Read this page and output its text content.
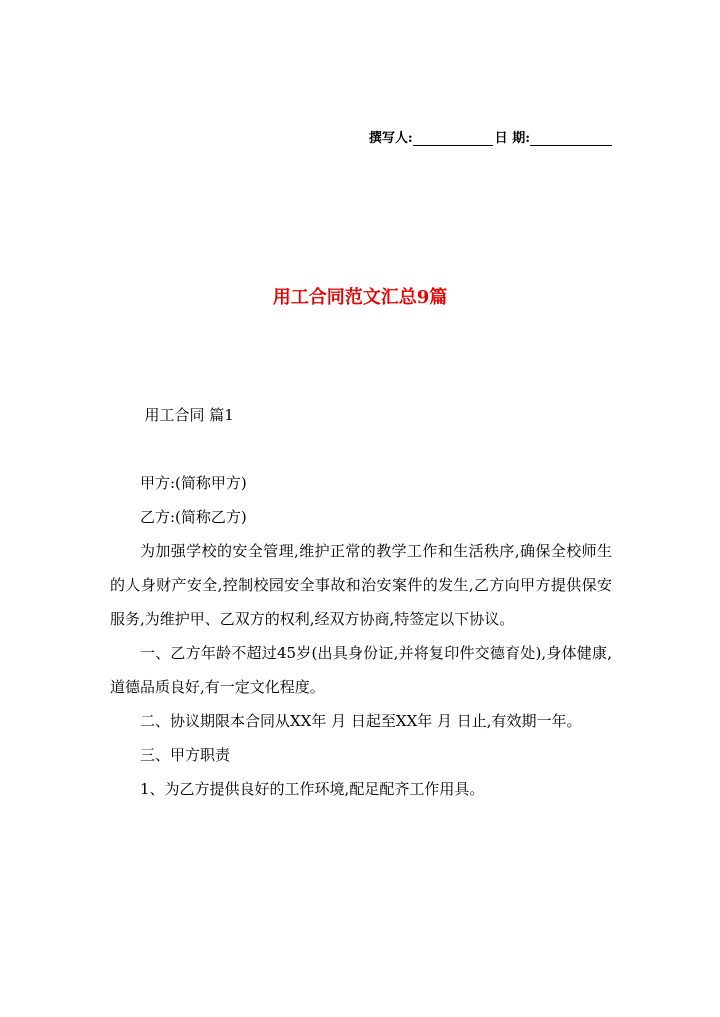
撰写人:	日 期:
用工合同范文汇总9篇

用工合同 篇1

甲方:(简称甲方)

乙方:(简称乙方)

为加强学校的安全管理,维护正常的教学工作和生活秩序,确保全校师生的人身财产安全,控制校园安全事故和治安案件的发生,乙方向甲方提供保安服务,为维护甲、乙双方的权利,经双方协商,特签定以下协议。

一、乙方年龄不超过45岁(出具身份证,并将复印件交德育处),身体健康,道德品质良好,有一定文化程度。

二、协议期限本合同从XX年 月 日起至XX年 月 日止,有效期一年。

三、甲方职责

1、为乙方提供良好的工作环境,配足配齐工作用具。
